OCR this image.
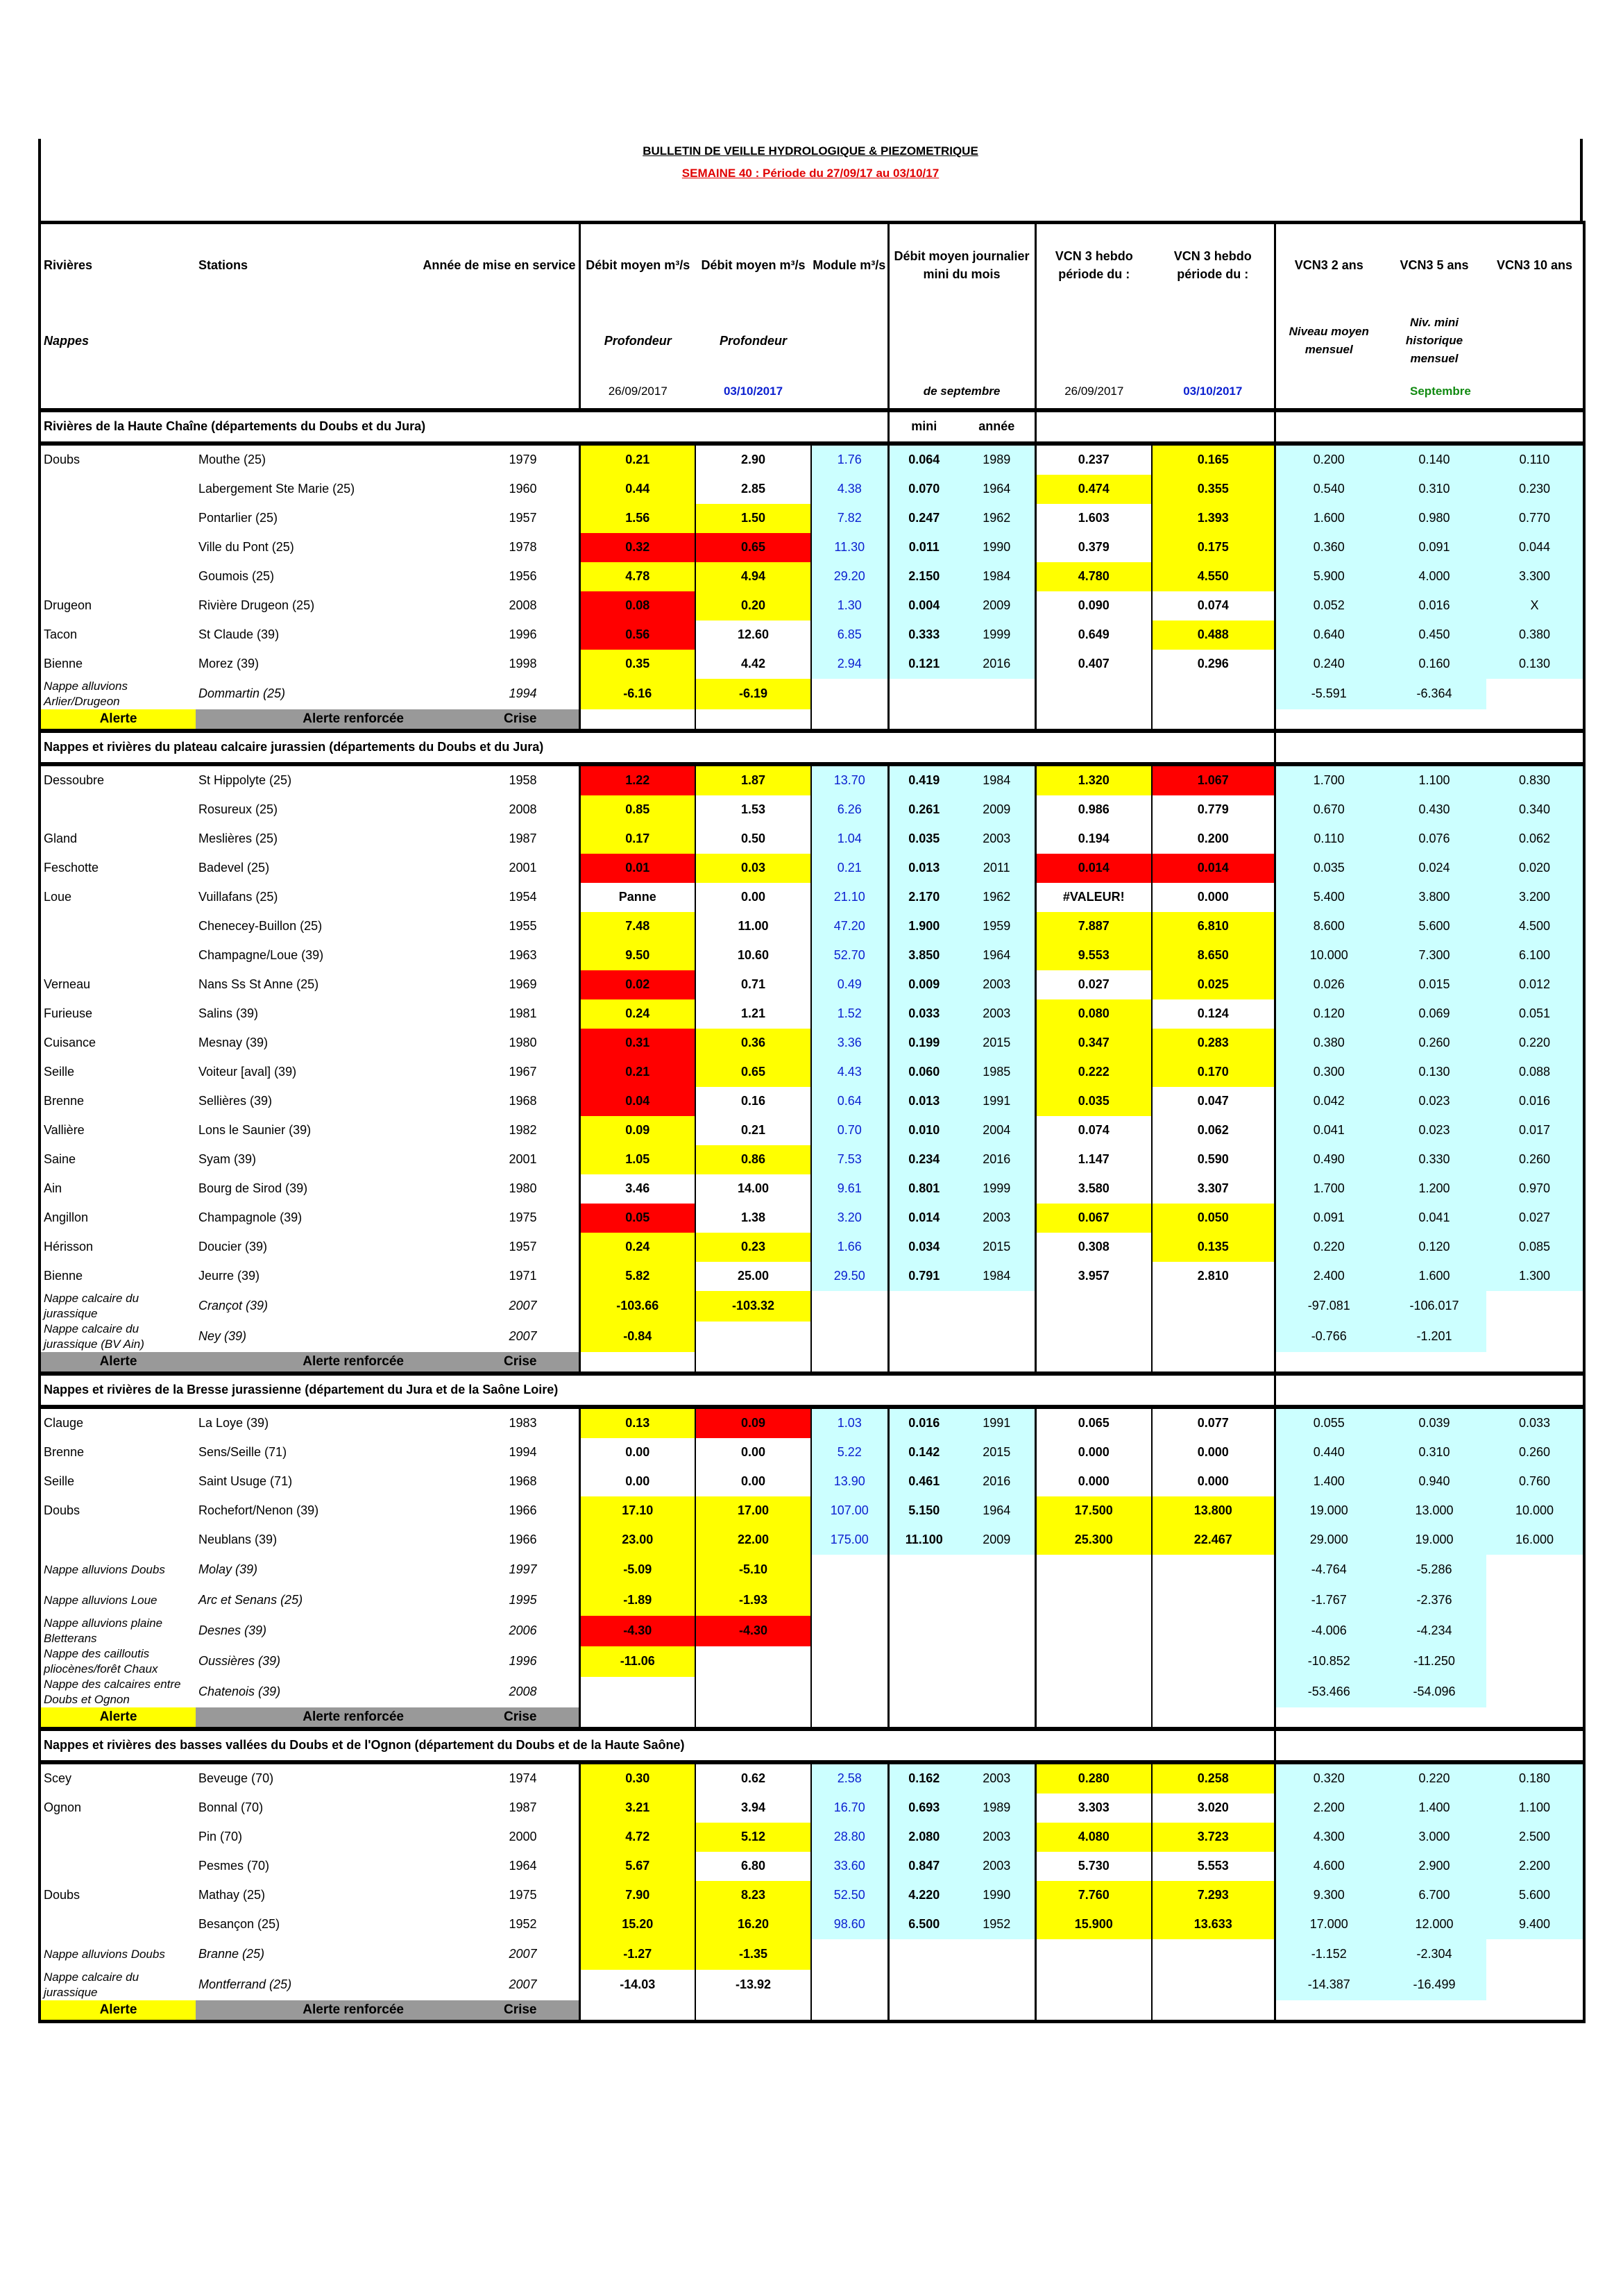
BULLETIN DE VEILLE HYDROLOGIQUE & PIEZOMETRIQUE
SEMAINE 40 : Période du 27/09/17 au 03/10/17
Rivières	Stations	Année de mise en service	Débit moyen m³/s	Débit moyen m³/s	Module m³/s	Débit moyen journalier mini du mois		VCN 3 hebdo période du :	VCN 3 hebdo période du :	VCN3 2 ans	VCN3 5 ans	VCN3 10 ans
Nappes			Profondeur	Profondeur						Niveau moyen mensuel	Niv. mini historique mensuel	
			26/09/2017	03/10/2017		de septembre		26/09/2017	03/10/2017		Septembre	
Rivières de la Haute Chaîne (départements du Doubs et du Jura)						mini	année					
Doubs	Mouthe (25)	1979	0.21	2.90	1.76	0.064	1989	0.237	0.165	0.200	0.140	0.110
	Labergement Ste Marie (25)	1960	0.44	2.85	4.38	0.070	1964	0.474	0.355	0.540	0.310	0.230
	Pontarlier (25)	1957	1.56	1.50	7.82	0.247	1962	1.603	1.393	1.600	0.980	0.770
	Ville du Pont (25)	1978	0.32	0.65	11.30	0.011	1990	0.379	0.175	0.360	0.091	0.044
	Goumois (25)	1956	4.78	4.94	29.20	2.150	1984	4.780	4.550	5.900	4.000	3.300
Drugeon	Rivière Drugeon (25)	2008	0.08	0.20	1.30	0.004	2009	0.090	0.074	0.052	0.016	X
Tacon	St Claude (39)	1996	0.56	12.60	6.85	0.333	1999	0.649	0.488	0.640	0.450	0.380
Bienne	Morez (39)	1998	0.35	4.42	2.94	0.121	2016	0.407	0.296	0.240	0.160	0.130
Nappe alluvions Arlier/Drugeon	Dommartin (25)	1994	-6.16	-6.19						-5.591	-6.364	
Alerte	Alerte renforcée	Crise										
Nappes et rivières du plateau calcaire jurassien (départements du Doubs et du Jura)												
Dessoubre	St Hippolyte (25)	1958	1.22	1.87	13.70	0.419	1984	1.320	1.067	1.700	1.100	0.830
	Rosureux (25)	2008	0.85	1.53	6.26	0.261	2009	0.986	0.779	0.670	0.430	0.340
Gland	Meslières (25)	1987	0.17	0.50	1.04	0.035	2003	0.194	0.200	0.110	0.076	0.062
Feschotte	Badevel (25)	2001	0.01	0.03	0.21	0.013	2011	0.014	0.014	0.035	0.024	0.020
Loue	Vuillafans (25)	1954	Panne	0.00	21.10	2.170	1962	#VALEUR!	0.000	5.400	3.800	3.200
	Chenecey-Buillon (25)	1955	7.48	11.00	47.20	1.900	1959	7.887	6.810	8.600	5.600	4.500
	Champagne/Loue (39)	1963	9.50	10.60	52.70	3.850	1964	9.553	8.650	10.000	7.300	6.100
Verneau	Nans Ss St Anne (25)	1969	0.02	0.71	0.49	0.009	2003	0.027	0.025	0.026	0.015	0.012
Furieuse	Salins (39)	1981	0.24	1.21	1.52	0.033	2003	0.080	0.124	0.120	0.069	0.051
Cuisance	Mesnay (39)	1980	0.31	0.36	3.36	0.199	2015	0.347	0.283	0.380	0.260	0.220
Seille	Voiteur [aval] (39)	1967	0.21	0.65	4.43	0.060	1985	0.222	0.170	0.300	0.130	0.088
Brenne	Sellières (39)	1968	0.04	0.16	0.64	0.013	1991	0.035	0.047	0.042	0.023	0.016
Vallière	Lons le Saunier (39)	1982	0.09	0.21	0.70	0.010	2004	0.074	0.062	0.041	0.023	0.017
Saine	Syam (39)	2001	1.05	0.86	7.53	0.234	2016	1.147	0.590	0.490	0.330	0.260
Ain	Bourg de Sirod (39)	1980	3.46	14.00	9.61	0.801	1999	3.580	3.307	1.700	1.200	0.970
Angillon	Champagnole (39)	1975	0.05	1.38	3.20	0.014	2003	0.067	0.050	0.091	0.041	0.027
Hérisson	Doucier (39)	1957	0.24	0.23	1.66	0.034	2015	0.308	0.135	0.220	0.120	0.085
Bienne	Jeurre (39)	1971	5.82	25.00	29.50	0.791	1984	3.957	2.810	2.400	1.600	1.300
Nappe calcaire du jurassique	Crançot (39)	2007	-103.66	-103.32						-97.081	-106.017	
Nappe calcaire du jurassique (BV Ain)	Ney (39)	2007	-0.84							-0.766	-1.201	
Alerte	Alerte renforcée	Crise										
Nappes et rivières de la Bresse jurassienne (département du Jura et de la Saône Loire)												
Clauge	La Loye (39)	1983	0.13	0.09	1.03	0.016	1991	0.065	0.077	0.055	0.039	0.033
Brenne	Sens/Seille (71)	1994	0.00	0.00	5.22	0.142	2015	0.000	0.000	0.440	0.310	0.260
Seille	Saint Usuge (71)	1968	0.00	0.00	13.90	0.461	2016	0.000	0.000	1.400	0.940	0.760
Doubs	Rochefort/Nenon (39)	1966	17.10	17.00	107.00	5.150	1964	17.500	13.800	19.000	13.000	10.000
	Neublans (39)	1966	23.00	22.00	175.00	11.100	2009	25.300	22.467	29.000	19.000	16.000
Nappe alluvions Doubs	Molay (39)	1997	-5.09	-5.10						-4.764	-5.286	
Nappe alluvions Loue	Arc et Senans (25)	1995	-1.89	-1.93						-1.767	-2.376	
Nappe alluvions plaine Bletterans	Desnes (39)	2006	-4.30	-4.30						-4.006	-4.234	
Nappe des cailloutis pliocènes/forêt Chaux	Oussières (39)	1996	-11.06							-10.852	-11.250	
Nappe des calcaires entre Doubs et Ognon	Chatenois (39)	2008								-53.466	-54.096	
Alerte	Alerte renforcée	Crise										
Nappes et rivières des basses vallées du Doubs et de l'Ognon (département du Doubs et de la Haute Saône)												
Scey	Beveuge (70)	1974	0.30	0.62	2.58	0.162	2003	0.280	0.258	0.320	0.220	0.180
Ognon	Bonnal (70)	1987	3.21	3.94	16.70	0.693	1989	3.303	3.020	2.200	1.400	1.100
	Pin (70)	2000	4.72	5.12	28.80	2.080	2003	4.080	3.723	4.300	3.000	2.500
	Pesmes (70)	1964	5.67	6.80	33.60	0.847	2003	5.730	5.553	4.600	2.900	2.200
Doubs	Mathay (25)	1975	7.90	8.23	52.50	4.220	1990	7.760	7.293	9.300	6.700	5.600
	Besançon (25)	1952	15.20	16.20	98.60	6.500	1952	15.900	13.633	17.000	12.000	9.400
Nappe alluvions Doubs	Branne (25)	2007	-1.27	-1.35						-1.152	-2.304	
Nappe calcaire du jurassique	Montferrand (25)	2007	-14.03	-13.92						-14.387	-16.499	
Alerte	Alerte renforcée	Crise										
